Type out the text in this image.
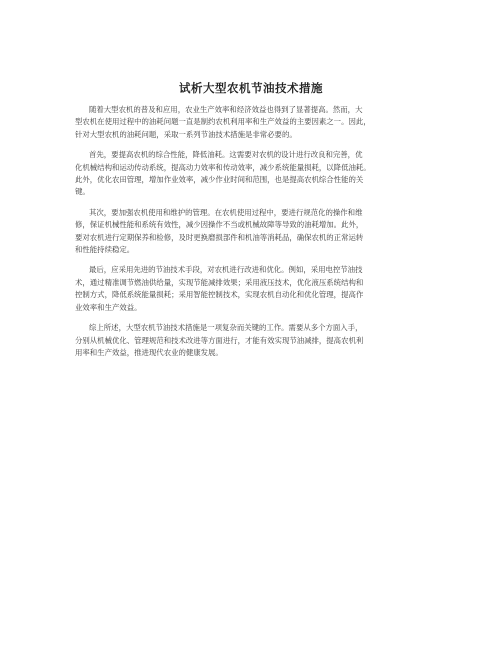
试析大型农机节油技术措施

随着大型农机的普及和应用，农业生产效率和经济效益也得到了显著提高。然而，大
型农机在使用过程中的油耗问题一直是制约农机利用率和生产效益的主要因素之一。因此，
针对大型农机的油耗问题，采取一系列节油技术措施是非常必要的。

首先，要提高农机的综合性能，降低油耗。这需要对农机的设计进行改良和完善，优
化机械结构和运动传动系统，提高动力效率和传动效率，减少系统能量损耗，以降低油耗。
此外，优化农田管理，增加作业效率，减少作业时间和范围，也是提高农机综合性能的关
键。

其次，要加强农机使用和维护的管理。在农机使用过程中，要进行规范化的操作和维
修，保证机械性能和系统有效性，减少因操作不当或机械故障等导致的油耗增加。此外，
要对农机进行定期保养和检修，及时更换磨损部件和机油等消耗品，确保农机的正常运转
和性能持续稳定。

最后，应采用先进的节油技术手段，对农机进行改进和优化。例如，采用电控节油技
术，通过精准调节燃油供给量，实现节能减排效果；采用液压技术，优化液压系统结构和
控制方式，降低系统能量损耗；采用智能控制技术，实现农机自动化和优化管理，提高作
业效率和生产效益。

综上所述，大型农机节油技术措施是一项复杂而关键的工作。需要从多个方面入手，
分别从机械优化、管理规范和技术改进等方面进行，才能有效实现节油减排，提高农机利
用率和生产效益，推进现代农业的健康发展。
